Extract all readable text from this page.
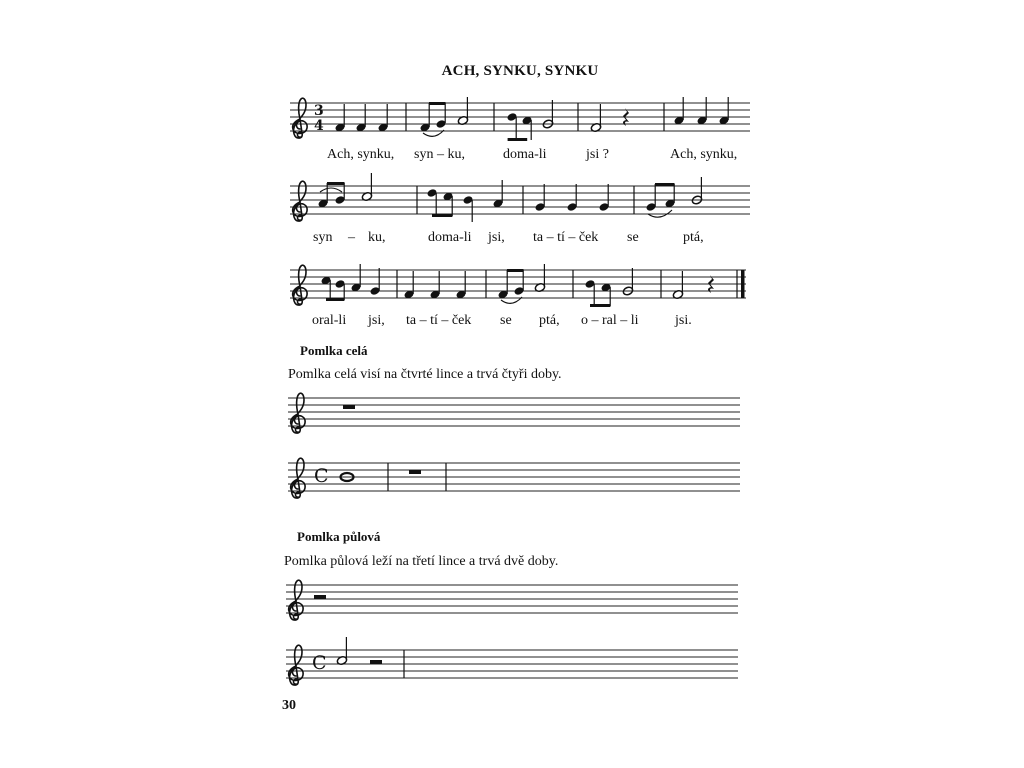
ACH, SYNKU, SYNKU
Ach, synku, syn – ku,	doma-li	jsi ?	Ach, synku,
syn – ku,	doma-li jsi, ta – tí – ček se	ptá,
oral-li jsi, ta – tí – ček se ptá, o – ral – li	jsi.
Pomlka celá
Pomlka celá visí na čtvrté lince a trvá čtyři doby.
Pomlka půlová
Pomlka půlová leží na třetí lince a trvá dvě doby.
30
3
4
C
C
